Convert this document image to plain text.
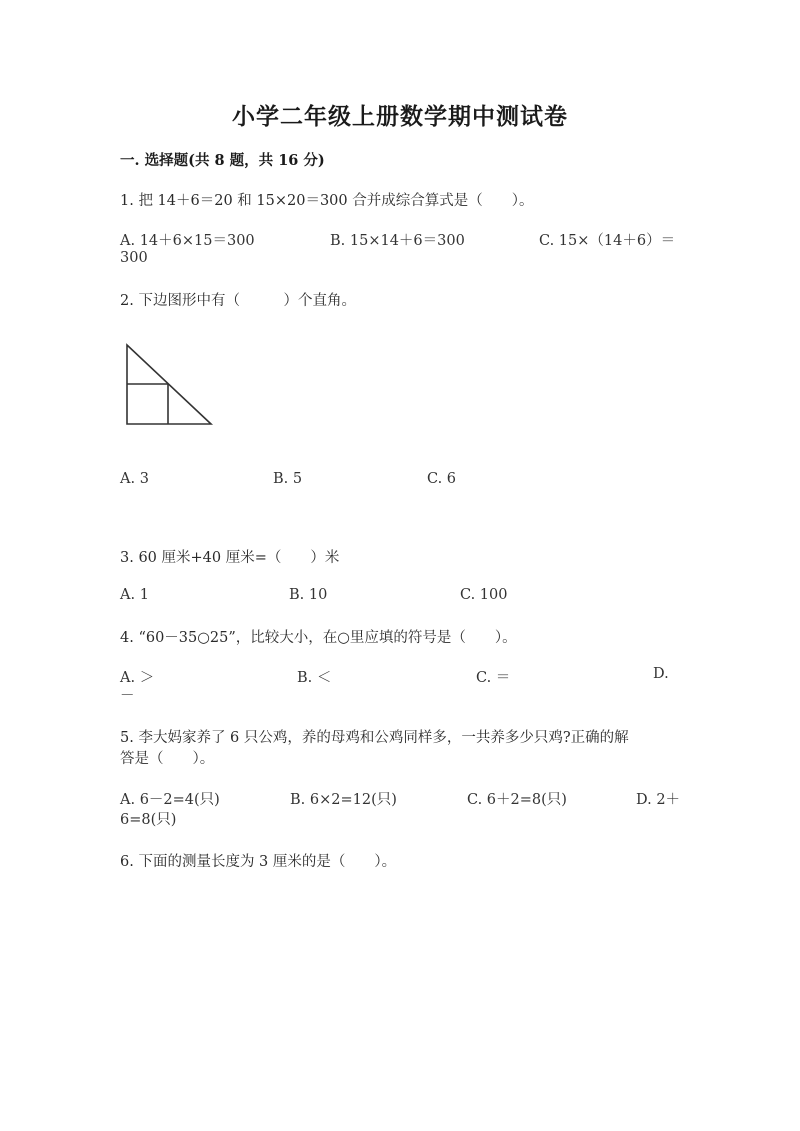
小学二年级上册数学期中测试卷
一. 选择题(共 8 题，共 16 分)
1. 把 14＋6＝20 和 15×20＝300 合并成综合算式是（　　）。
A. 14＋6×15＝300	B. 15×14＋6＝300	C. 15×（14＋6）＝
300
2. 下边图形中有（　　　）个直角。
A. 3	B. 5	C. 6
3. 60 厘米+40 厘米=（　　）米
A. 1	B. 10	C. 100
4. “60－35○25”，比较大小，在○里应填的符号是（　　）。
A. ＞	B. ＜	C. ＝	D.
－
5. 李大妈家养了 6 只公鸡，养的母鸡和公鸡同样多，一共养多少只鸡?正确的解
答是（　　）。
A. 6－2=4(只)	B. 6×2=12(只)	C. 6＋2=8(只)	D. 2＋
6=8(只)
6. 下面的测量长度为 3 厘米的是（　　）。
